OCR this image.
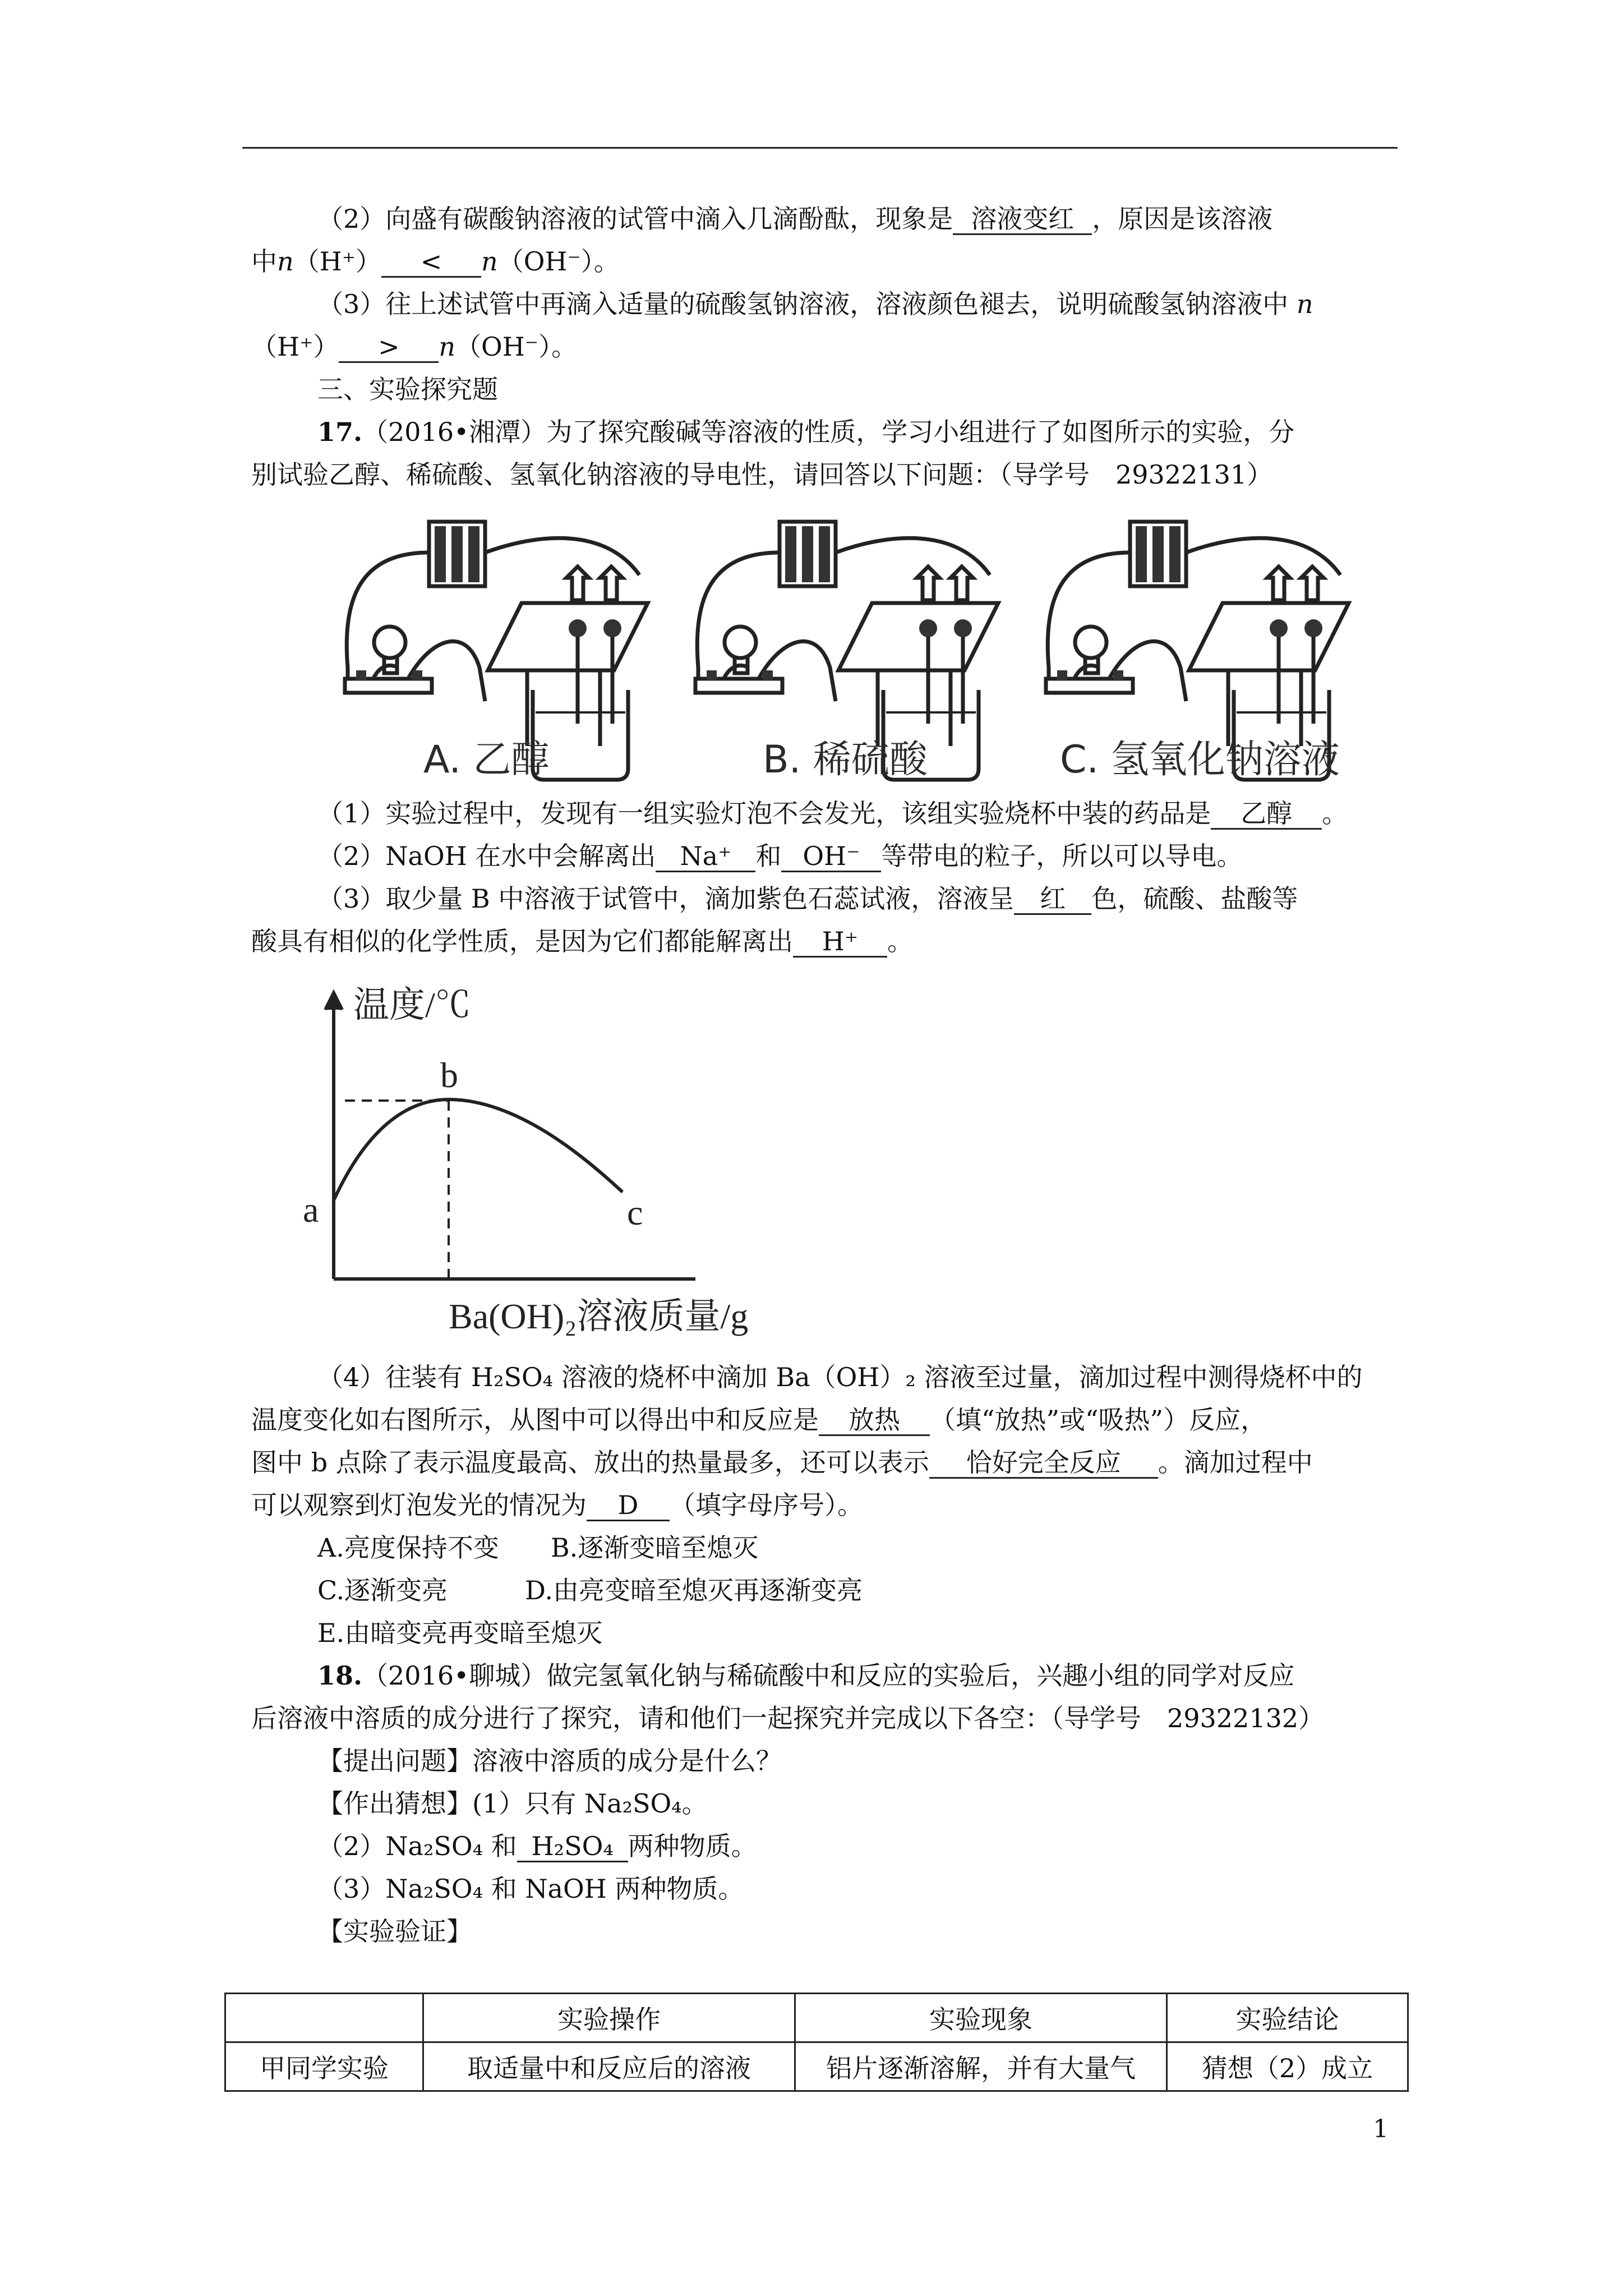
（2）向盛有碳酸钠溶液的试管中滴入几滴酚酞，现象是 溶液变红 ，原因是该溶液
中n（H⁺） < n（OH⁻）。
（3）往上述试管中再滴入适量的硫酸氢钠溶液，溶液颜色褪去，说明硫酸氢钠溶液中 n
（H⁺） > n（OH⁻）。
三、实验探究题
17.（2016•湘潭）为了探究酸碱等溶液的性质，学习小组进行了如图所示的实验，分
别试验乙醇、稀硫酸、氢氧化钠溶液的导电性，请回答以下问题：（导学号　29322131）
A. 乙醇	B. 稀硫酸	C. 氢氧化钠溶液
（1）实验过程中，发现有一组实验灯泡不会发光，该组实验烧杯中装的药品是 乙醇 。
（2）NaOH 在水中会解离出 Na⁺ 和 OH⁻ 等带电的粒子，所以可以导电。
（3）取少量 B 中溶液于试管中，滴加紫色石蕊试液，溶液呈 红 色，硫酸、盐酸等
酸具有相似的化学性质，是因为它们都能解离出 H⁺ 。
温度/℃
a
b
c
Ba(OH)₂溶液质量/g
（4）往装有 H₂SO₄ 溶液的烧杯中滴加 Ba（OH）₂ 溶液至过量，滴加过程中测得烧杯中的
温度变化如右图所示，从图中可以得出中和反应是 放热 （填“放热”或“吸热”）反应，
图中 b 点除了表示温度最高、放出的热量最多，还可以表示 恰好完全反应 。滴加过程中
可以观察到灯泡发光的情况为 D （填字母序号）。
A.亮度保持不变　　B.逐渐变暗至熄灭
C.逐渐变亮　　　D.由亮变暗至熄灭再逐渐变亮
E.由暗变亮再变暗至熄灭
18.（2016•聊城）做完氢氧化钠与稀硫酸中和反应的实验后，兴趣小组的同学对反应
后溶液中溶质的成分进行了探究，请和他们一起探究并完成以下各空：（导学号　29322132）
【提出问题】溶液中溶质的成分是什么？
【作出猜想】(1）只有 Na₂SO₄。
（2）Na₂SO₄ 和 H₂SO₄ 两种物质。
（3）Na₂SO₄ 和 NaOH 两种物质。
【实验验证】
	实验操作	实验现象	实验结论
甲同学实验	取适量中和反应后的溶液	铝片逐渐溶解，并有大量气	猜想（2）成立
1
